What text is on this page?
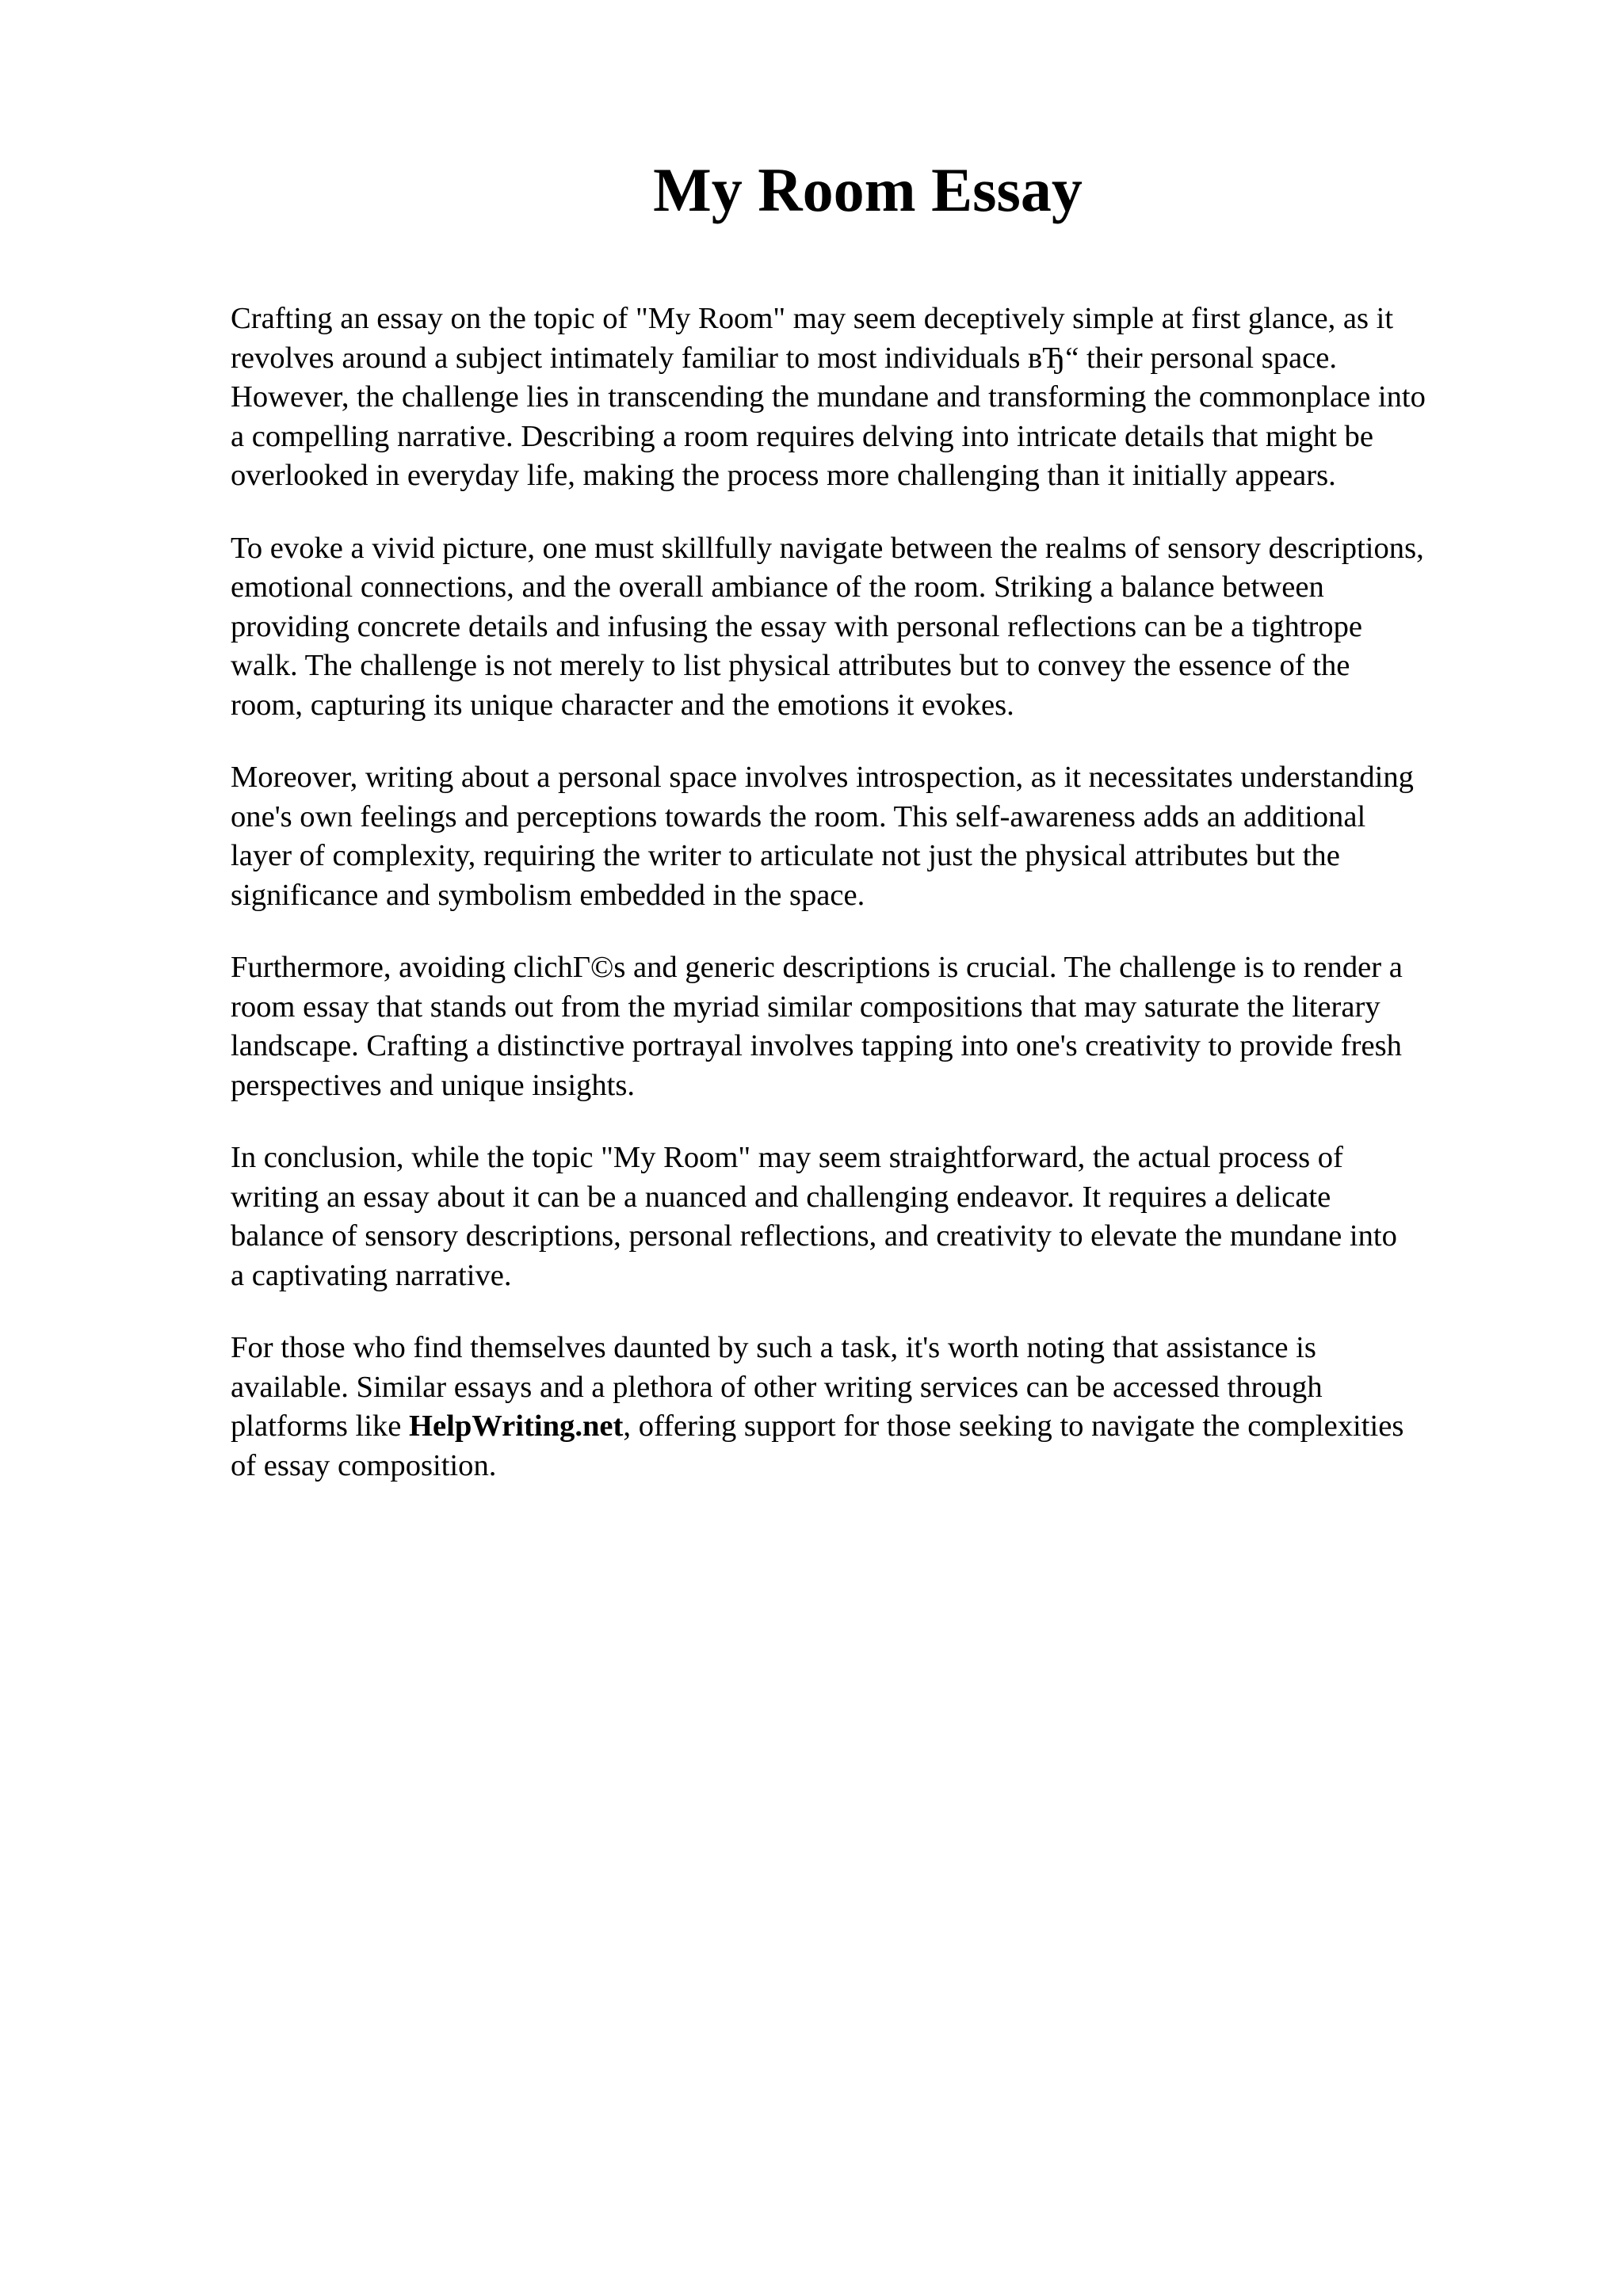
My Room Essay

Crafting an essay on the topic of "My Room" may seem deceptively simple at first glance, as it
revolves around a subject intimately familiar to most individuals вЂ“ their personal space.
However, the challenge lies in transcending the mundane and transforming the commonplace into
a compelling narrative. Describing a room requires delving into intricate details that might be
overlooked in everyday life, making the process more challenging than it initially appears.

To evoke a vivid picture, one must skillfully navigate between the realms of sensory descriptions,
emotional connections, and the overall ambiance of the room. Striking a balance between
providing concrete details and infusing the essay with personal reflections can be a tightrope
walk. The challenge is not merely to list physical attributes but to convey the essence of the
room, capturing its unique character and the emotions it evokes.

Moreover, writing about a personal space involves introspection, as it necessitates understanding
one's own feelings and perceptions towards the room. This self-awareness adds an additional
layer of complexity, requiring the writer to articulate not just the physical attributes but the
significance and symbolism embedded in the space.

Furthermore, avoiding clichГ©s and generic descriptions is crucial. The challenge is to render a
room essay that stands out from the myriad similar compositions that may saturate the literary
landscape. Crafting a distinctive portrayal involves tapping into one's creativity to provide fresh
perspectives and unique insights.

In conclusion, while the topic "My Room" may seem straightforward, the actual process of
writing an essay about it can be a nuanced and challenging endeavor. It requires a delicate
balance of sensory descriptions, personal reflections, and creativity to elevate the mundane into
a captivating narrative.

For those who find themselves daunted by such a task, it's worth noting that assistance is
available. Similar essays and a plethora of other writing services can be accessed through
platforms like HelpWriting.net, offering support for those seeking to navigate the complexities
of essay composition.
